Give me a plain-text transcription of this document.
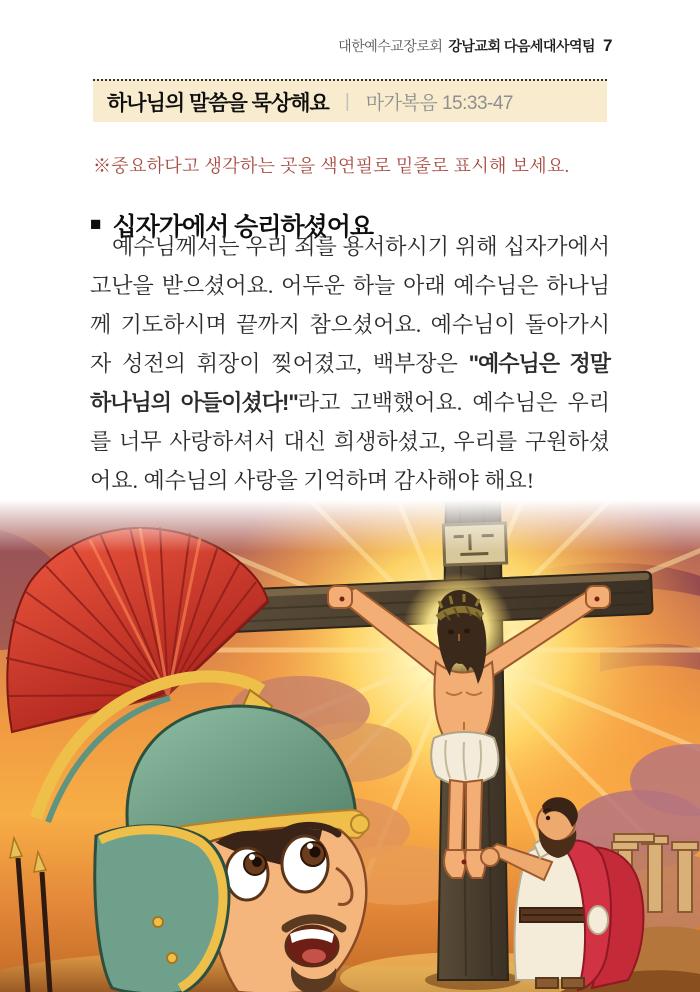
대한예수교장로회 강남교회 다음세대사역팀 7
하나님의 말씀을 묵상해요 | 마가복음 15:33-47

※중요하다고 생각하는 곳을 색연필로 밑줄로 표시해 보세요.

■ 십자가에서 승리하셨어요
예수님께서는 우리 죄를 용서하시기 위해 십자가에서
고난을 받으셨어요. 어두운 하늘 아래 예수님은 하나님
께 기도하시며 끝까지 참으셨어요. 예수님이 돌아가시
자 성전의 휘장이 찢어졌고, 백부장은 "예수님은 정말
하나님의 아들이셨다!"라고 고백했어요. 예수님은 우리
를 너무 사랑하셔서 대신 희생하셨고, 우리를 구원하셨
어요. 예수님의 사랑을 기억하며 감사해야 해요!
